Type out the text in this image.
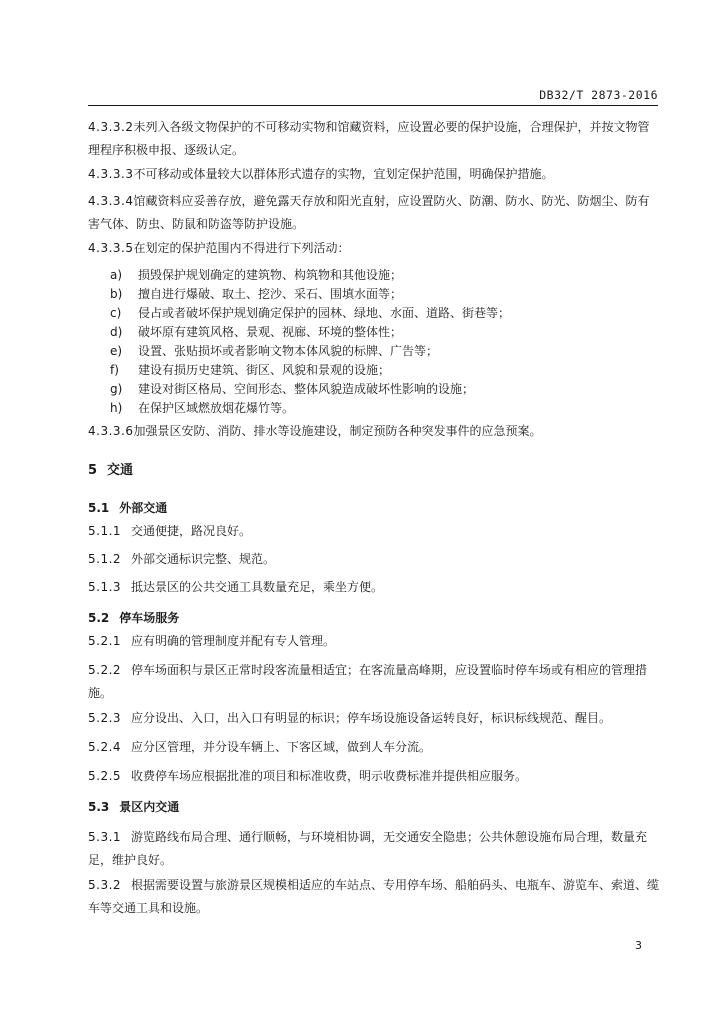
DB32/T 2873-2016
4.3.3.2未列入各级文物保护的不可移动实物和馆藏资料，应设置必要的保护设施，合理保护，并按文物管理程序积极申报、逐级认定。
4.3.3.3不可移动或体量较大以群体形式遗存的实物，宜划定保护范围，明确保护措施。
4.3.3.4馆藏资料应妥善存放，避免露天存放和阳光直射，应设置防火、防潮、防水、防光、防烟尘、防有害气体、防虫、防鼠和防盗等防护设施。
4.3.3.5在划定的保护范围内不得进行下列活动：
a)	损毁保护规划确定的建筑物、构筑物和其他设施；
b)	擅自进行爆破、取土、挖沙、采石、围填水面等；
c)	侵占或者破坏保护规划确定保护的园林、绿地、水面、道路、街巷等；
d)	破坏原有建筑风格、景观、视廊、环境的整体性；
e)	设置、张贴损坏或者影响文物本体风貌的标牌、广告等；
f)	建设有损历史建筑、街区、风貌和景观的设施；
g)	建设对街区格局、空间形态、整体风貌造成破坏性影响的设施；
h)	在保护区域燃放烟花爆竹等。
4.3.3.6加强景区安防、消防、排水等设施建设，制定预防各种突发事件的应急预案。
5 交通
5.1 外部交通
5.1.1 交通便捷，路况良好。
5.1.2 外部交通标识完整、规范。
5.1.3 抵达景区的公共交通工具数量充足，乘坐方便。
5.2 停车场服务
5.2.1 应有明确的管理制度并配有专人管理。
5.2.2 停车场面积与景区正常时段客流量相适宜；在客流量高峰期，应设置临时停车场或有相应的管理措施。
5.2.3 应分设出、入口，出入口有明显的标识；停车场设施设备运转良好，标识标线规范、醒目。
5.2.4 应分区管理，并分设车辆上、下客区域，做到人车分流。
5.2.5 收费停车场应根据批准的项目和标准收费，明示收费标准并提供相应服务。
5.3 景区内交通
5.3.1 游览路线布局合理、通行顺畅，与环境相协调，无交通安全隐患；公共休憩设施布局合理，数量充足，维护良好。
5.3.2 根据需要设置与旅游景区规模相适应的车站点、专用停车场、船舶码头、电瓶车、游览车、索道、缆车等交通工具和设施。
3
